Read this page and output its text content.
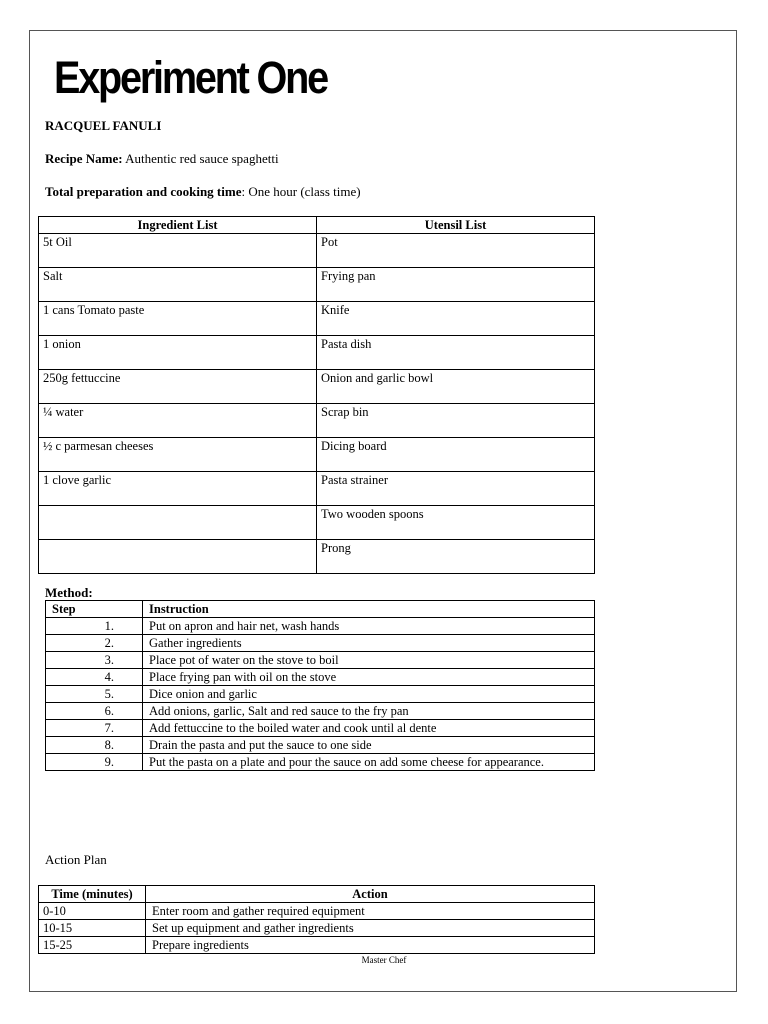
Experiment One
RACQUEL FANULI
Recipe Name: Authentic red sauce spaghetti
Total preparation and cooking time: One hour (class time)
Ingredient List	Utensil List
5t Oil	Pot
Salt	Frying pan
1 cans Tomato paste	Knife
1 onion	Pasta dish
250g fettuccine	Onion and garlic bowl
¼ water	Scrap bin
½ c parmesan cheeses	Dicing board
1 clove garlic	Pasta strainer
	Two wooden spoons
	Prong
Method:
Step	Instruction
1.	Put on apron and hair net, wash hands
2.	Gather ingredients
3.	Place pot of water on the stove to boil
4.	Place frying pan with oil on the stove
5.	Dice onion and garlic
6.	Add onions, garlic, Salt and red sauce to the fry pan
7.	Add fettuccine to the boiled water and cook until al dente
8.	Drain the pasta and put the sauce to one side
9.	Put the pasta on a plate and pour the sauce on add some cheese for appearance.
Action Plan
Time (minutes)	Action
0-10	Enter room and gather required equipment
10-15	Set up equipment and gather ingredients
15-25	Prepare ingredients
Master Chef
